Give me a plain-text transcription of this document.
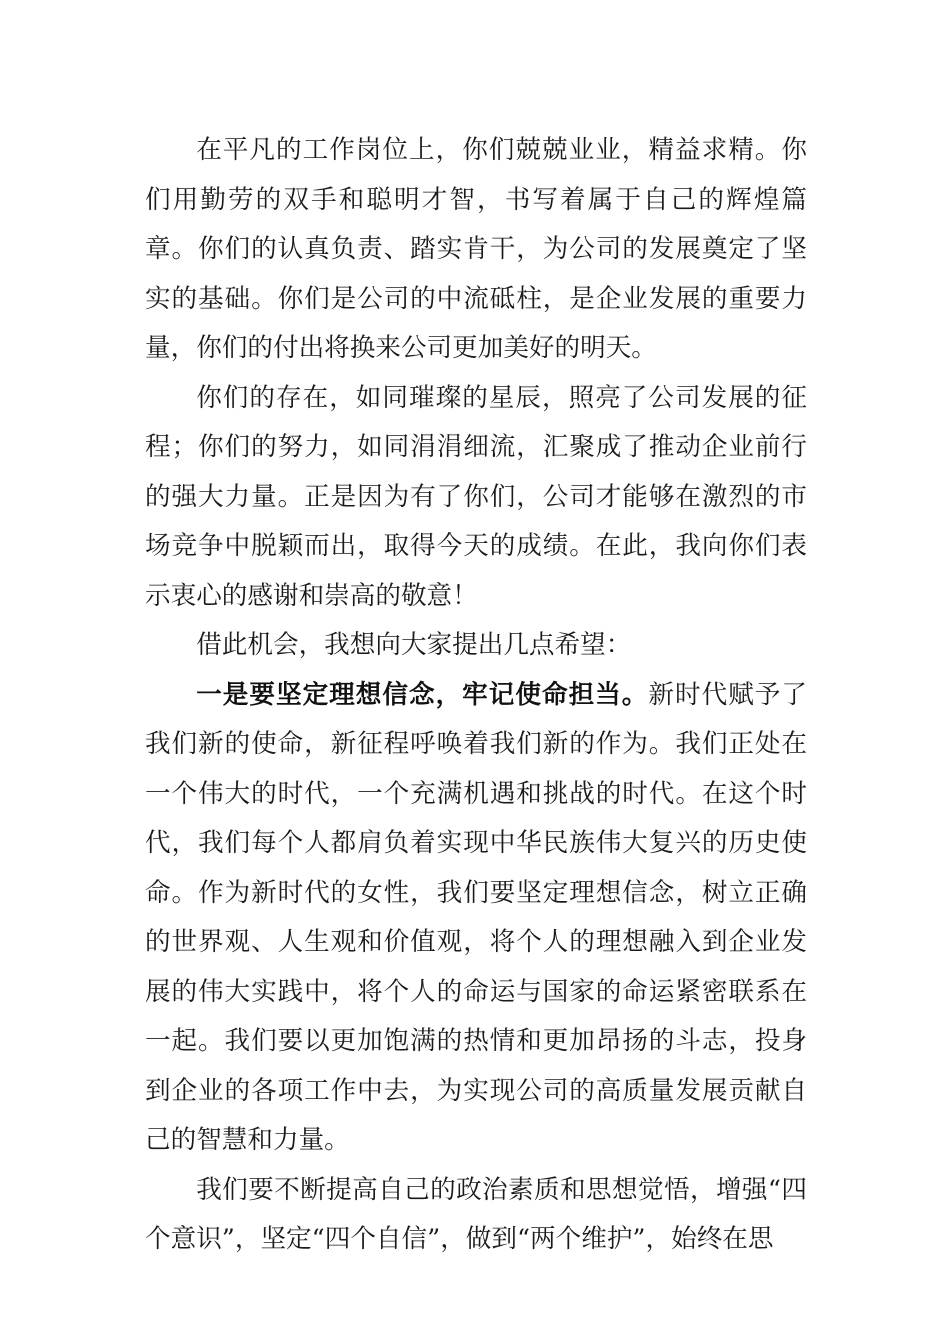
在平凡的工作岗位上，你们兢兢业业，精益求精。你们用勤劳的双手和聪明才智，书写着属于自己的辉煌篇章。你们的认真负责、踏实肯干，为公司的发展奠定了坚实的基础。你们是公司的中流砥柱，是企业发展的重要力量，你们的付出将换来公司更加美好的明天。

你们的存在，如同璀璨的星辰，照亮了公司发展的征程；你们的努力，如同涓涓细流，汇聚成了推动企业前行的强大力量。正是因为有了你们，公司才能够在激烈的市场竞争中脱颖而出，取得今天的成绩。在此，我向你们表示衷心的感谢和崇高的敬意！

借此机会，我想向大家提出几点希望：

一是要坚定理想信念，牢记使命担当。新时代赋予了我们新的使命，新征程呼唤着我们新的作为。我们正处在一个伟大的时代，一个充满机遇和挑战的时代。在这个时代，我们每个人都肩负着实现中华民族伟大复兴的历史使命。作为新时代的女性，我们要坚定理想信念，树立正确的世界观、人生观和价值观，将个人的理想融入到企业发展的伟大实践中，将个人的命运与国家的命运紧密联系在一起。我们要以更加饱满的热情和更加昂扬的斗志，投身到企业的各项工作中去，为实现公司的高质量发展贡献自己的智慧和力量。

我们要不断提高自己的政治素质和思想觉悟，增强“四个意识”，坚定“四个自信”，做到“两个维护”，始终在思
